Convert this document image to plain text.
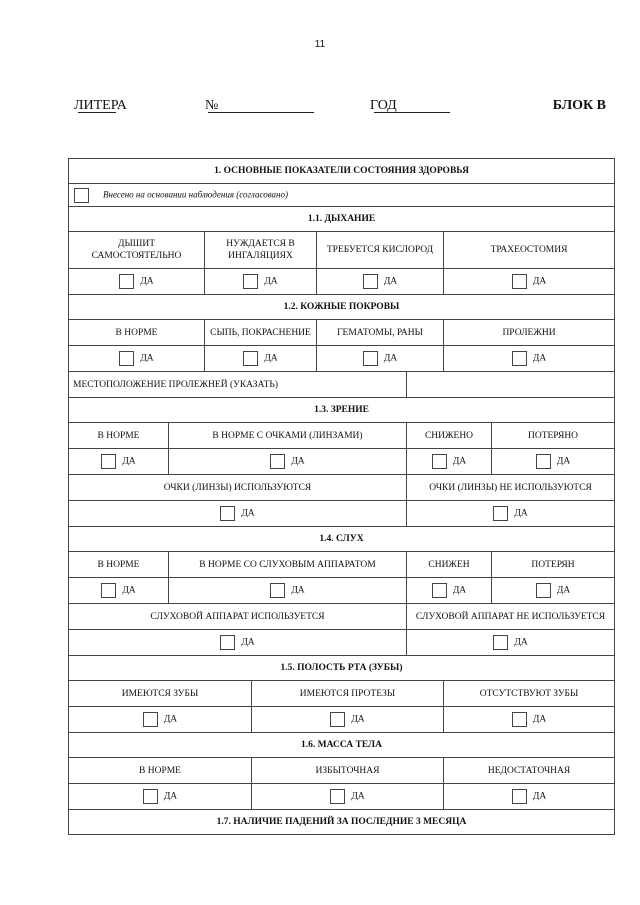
11
ЛИТЕРА	№	ГОД	БЛОК В
1. ОСНОВНЫЕ ПОКАЗАТЕЛИ СОСТОЯНИЯ ЗДОРОВЬЯ							
Внесено на основании наблюдения (согласовано)							
1.1. ДЫХАНИЕ							
ДЫШИТ САМОСТОЯТЕЛЬНО		НУЖДАЕТСЯ В ИНГАЛЯЦИЯХ		ТРЕБУЕТСЯ КИСЛОРОД		ТРАХЕОСТОМИЯ	
ДА		ДА		ДА		ДА	
1.2. КОЖНЫЕ ПОКРОВЫ							
В НОРМЕ		СЫПЬ, ПОКРАСНЕНИЕ		ГЕМАТОМЫ, РАНЫ		ПРОЛЕЖНИ	
ДА		ДА		ДА		ДА	
МЕСТОПОЛОЖЕНИЕ ПРОЛЕЖНЕЙ (УКАЗАТЬ)							
1.3. ЗРЕНИЕ							
В НОРМЕ	В НОРМЕ С ОЧКАМИ (ЛИНЗАМИ)				СНИЖЕНО		ПОТЕРЯНО
ДА	ДА				ДА		ДА
ОЧКИ (ЛИНЗЫ) ИСПОЛЬЗУЮТСЯ					ОЧКИ (ЛИНЗЫ) НЕ ИСПОЛЬЗУЮТСЯ		
ДА					ДА		
1.4. СЛУХ							
В НОРМЕ	В НОРМЕ СО СЛУХОВЫМ АППАРАТОМ				СНИЖЕН		ПОТЕРЯН
ДА	ДА				ДА		ДА
СЛУХОВОЙ АППАРАТ ИСПОЛЬЗУЕТСЯ					СЛУХОВОЙ АППАРАТ НЕ ИСПОЛЬЗУЕТСЯ		
ДА					ДА		
1.5. ПОЛОСТЬ РТА (ЗУБЫ)							
ИМЕЮТСЯ ЗУБЫ			ИМЕЮТСЯ ПРОТЕЗЫ			ОТСУТСТВУЮТ ЗУБЫ	
ДА			ДА			ДА	
1.6. МАССА ТЕЛА							
В НОРМЕ			ИЗБЫТОЧНАЯ			НЕДОСТАТОЧНАЯ	
ДА			ДА			ДА	
1.7. НАЛИЧИЕ ПАДЕНИЙ ЗА ПОСЛЕДНИЕ 3 МЕСЯЦА							
